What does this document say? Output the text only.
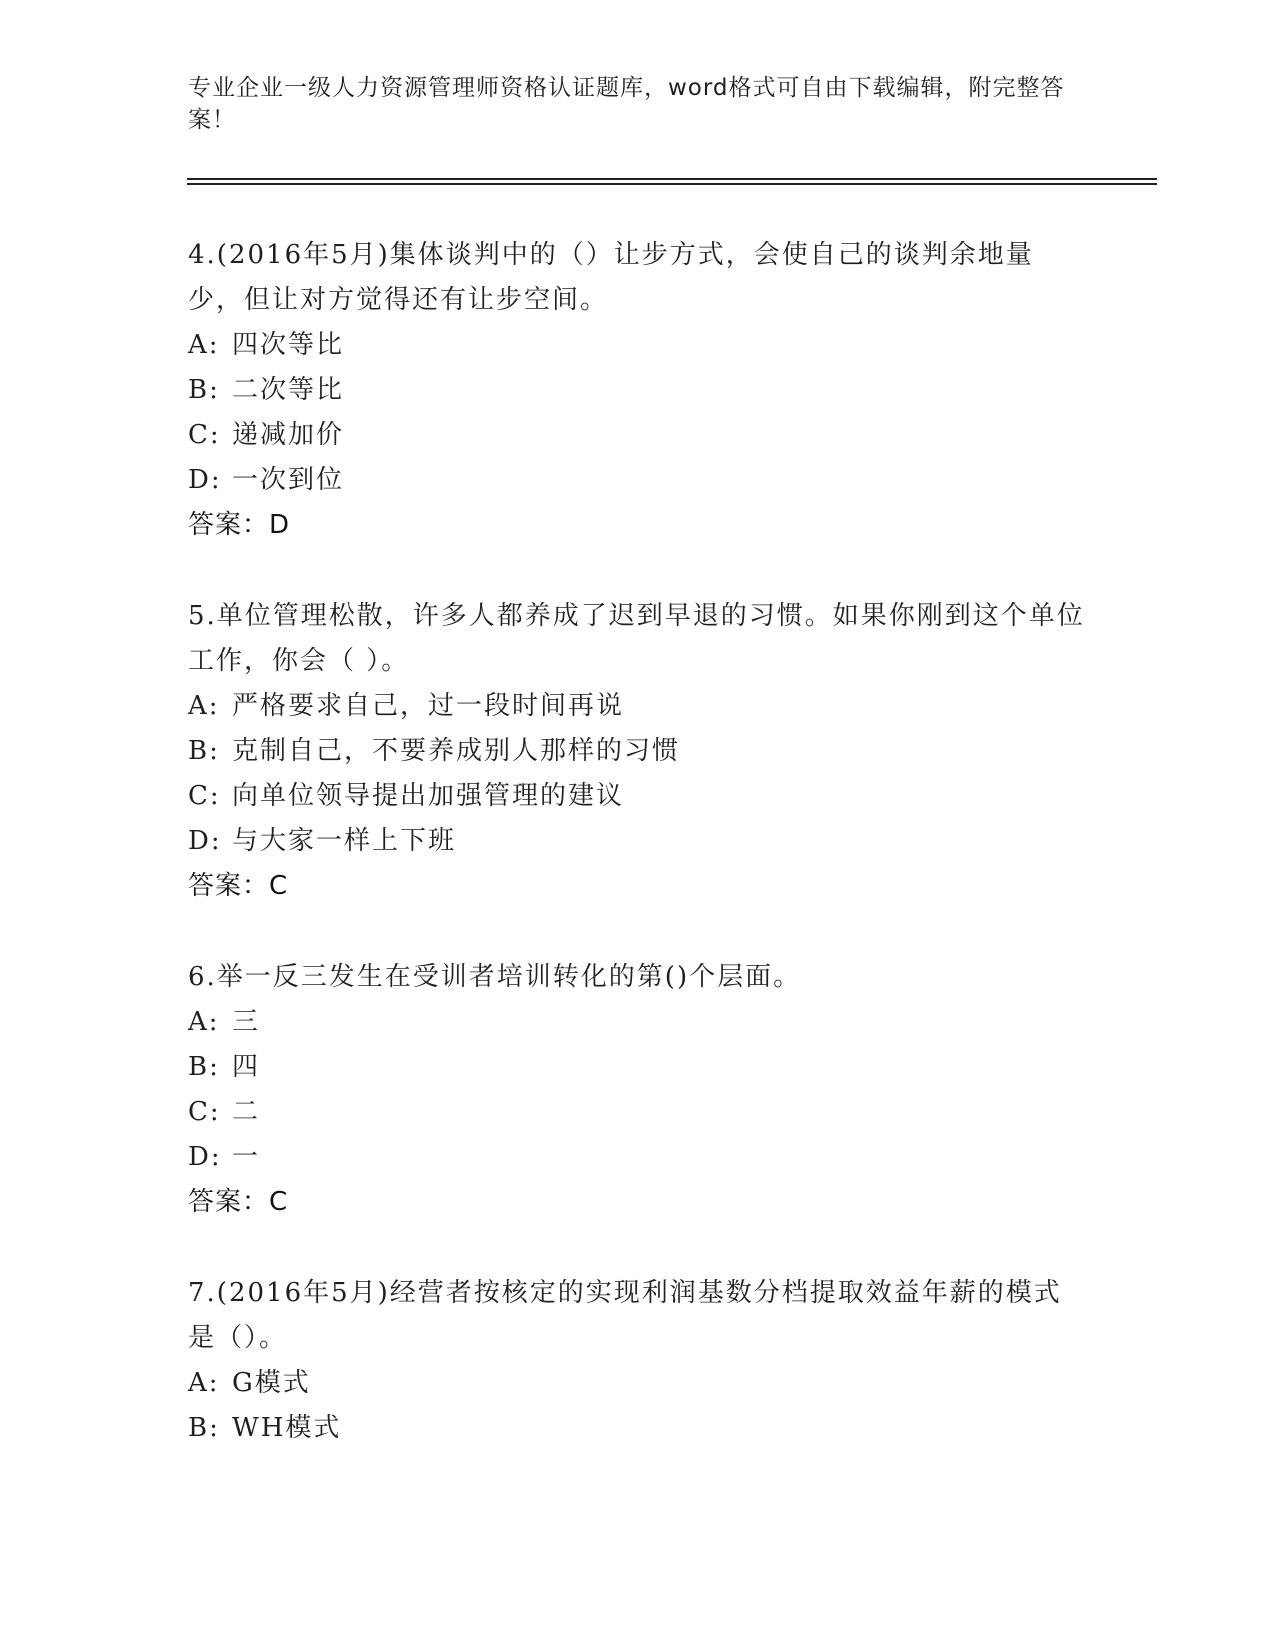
专业企业一级人力资源管理师资格认证题库，word格式可自由下载编辑，附完整答案！

4.(2016年5月)集体谈判中的（）让步方式，会使自己的谈判余地量少，但让对方觉得还有让步空间。

A: 四次等比
B: 二次等比
C: 递减加价
D: 一次到位

答案：D

5.单位管理松散，许多人都养成了迟到早退的习惯。如果你刚到这个单位工作，你会（ ）。

A: 严格要求自己，过一段时间再说
B: 克制自己，不要养成别人那样的习惯
C: 向单位领导提出加强管理的建议
D: 与大家一样上下班

答案：C

6.举一反三发生在受训者培训转化的第()个层面。

A: 三
B: 四
C: 二
D: 一

答案：C

7.(2016年5月)经营者按核定的实现利润基数分档提取效益年薪的模式是（）。

A: G模式
B: WH模式
